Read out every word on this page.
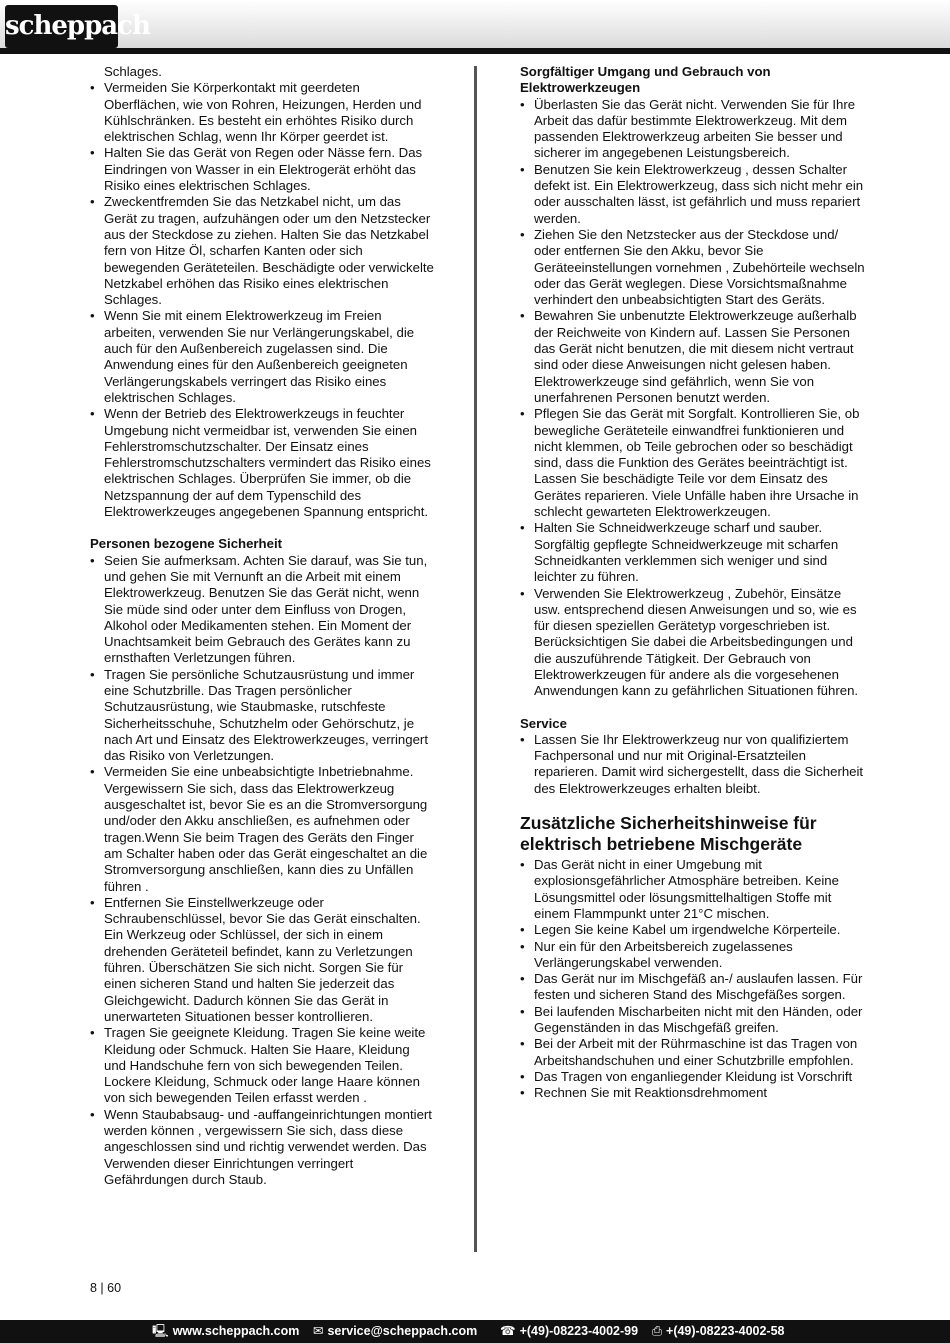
scheppach

Schlages.

• Vermeiden Sie Körperkontakt mit geerdeten Oberflächen, wie von Rohren, Heizungen, Herden und Kühlschränken. Es besteht ein erhöhtes Risiko durch elektrischen Schlag, wenn Ihr Körper geerdet ist.
• Halten Sie das Gerät von Regen oder Nässe fern. Das Eindringen von Wasser in ein Elektrogerät erhöht das Risiko eines elektrischen Schlages.
• Zweckentfremden Sie das Netzkabel nicht, um das Gerät zu tragen, aufzuhängen oder um den Netzstecker aus der Steckdose zu ziehen. Halten Sie das Netzkabel fern von Hitze Öl, scharfen Kanten oder sich bewegenden Geräteteilen. Beschädigte oder verwickelte Netzkabel erhöhen das Risiko eines elektrischen Schlages.
• Wenn Sie mit einem Elektrowerkzeug im Freien arbeiten, verwenden Sie nur Verlängerungskabel, die auch für den Außenbereich zugelassen sind. Die Anwendung eines für den Außenbereich geeigneten Verlängerungskabels verringert das Risiko eines elektrischen Schlages.
• Wenn der Betrieb des Elektrowerkzeugs in feuchter Umgebung nicht vermeidbar ist, verwenden Sie einen Fehlerstromschutzschalter. Der Einsatz eines Fehlerstromschutzschalters vermindert das Risiko eines elektrischen Schlages. Überprüfen Sie immer, ob die Netzspannung der auf dem Typenschild des Elektrowerkzeuges angegebenen Spannung entspricht.

Personen bezogene Sicherheit

• Seien Sie aufmerksam. Achten Sie darauf, was Sie tun, und gehen Sie mit Vernunft an die Arbeit mit einem Elektrowerkzeug. Benutzen Sie das Gerät nicht, wenn Sie müde sind oder unter dem Einfluss von Drogen, Alkohol oder Medikamenten stehen. Ein Moment der Unachtsamkeit beim Gebrauch des Gerätes kann zu ernsthaften Verletzungen führen.
• Tragen Sie persönliche Schutzausrüstung und immer eine Schutzbrille. Das Tragen persönlicher Schutzausrüstung, wie Staubmaske, rutschfeste Sicherheitsschuhe, Schutzhelm oder Gehörschutz, je nach Art und Einsatz des Elektrowerkzeuges, verringert das Risiko von Verletzungen.
• Vermeiden Sie eine unbeabsichtigte Inbetriebnahme. Vergewissern Sie sich, dass das Elektrowerkzeug ausgeschaltet ist, bevor Sie es an die Stromversorgung und/oder den Akku anschließen, es aufnehmen oder tragen.Wenn Sie beim Tragen des Geräts den Finger am Schalter haben oder das Gerät eingeschaltet an die Stromversorgung anschließen, kann dies zu Unfällen führen .
• Entfernen Sie Einstellwerkzeuge oder Schraubenschlüssel, bevor Sie das Gerät einschalten. Ein Werkzeug oder Schlüssel, der sich in einem drehenden Geräteteil befindet, kann zu Verletzungen führen. Überschätzen Sie sich nicht. Sorgen Sie für einen sicheren Stand und halten Sie jederzeit das Gleichgewicht. Dadurch können Sie das Gerät in unerwarteten Situationen besser kontrollieren.
• Tragen Sie geeignete Kleidung. Tragen Sie keine weite Kleidung oder Schmuck. Halten Sie Haare, Kleidung und Handschuhe fern von sich bewegenden Teilen. Lockere Kleidung, Schmuck oder lange Haare können von sich bewegenden Teilen erfasst werden .
• Wenn Staubabsaug- und -auffangeinrichtungen montiert werden können , vergewissern Sie sich, dass diese angeschlossen sind und richtig verwendet werden. Das Verwenden dieser Einrichtungen verringert Gefährdungen durch Staub.

Sorgfältiger Umgang und Gebrauch von Elektrowerkzeugen

• Überlasten Sie das Gerät nicht. Verwenden Sie für Ihre Arbeit das dafür bestimmte Elektrowerkzeug. Mit dem passenden Elektrowerkzeug arbeiten Sie besser und sicherer im angegebenen Leistungsbereich.
• Benutzen Sie kein Elektrowerkzeug , dessen Schalter defekt ist. Ein Elektrowerkzeug, dass sich nicht mehr ein oder ausschalten lässt, ist gefährlich und muss repariert werden.
• Ziehen Sie den Netzstecker aus der Steckdose und/ oder entfernen Sie den Akku, bevor Sie Geräteeinstellungen vornehmen , Zubehörteile wechseln oder das Gerät weglegen. Diese Vorsichtsmaßnahme verhindert den unbeabsichtigten Start des Geräts.
• Bewahren Sie unbenutzte Elektrowerkzeuge außerhalb der Reichweite von Kindern auf. Lassen Sie Personen das Gerät nicht benutzen, die mit diesem nicht vertraut sind oder diese Anweisungen nicht gelesen haben. Elektrowerkzeuge sind gefährlich, wenn Sie von unerfahrenen Personen benutzt werden.
• Pflegen Sie das Gerät mit Sorgfalt. Kontrollieren Sie, ob bewegliche Geräteteile einwandfrei funktionieren und nicht klemmen, ob Teile gebrochen oder so beschädigt sind, dass die Funktion des Gerätes beeinträchtigt ist. Lassen Sie beschädigte Teile vor dem Einsatz des Gerätes reparieren. Viele Unfälle haben ihre Ursache in schlecht gewarteten Elektrowerkzeugen.
• Halten Sie Schneidwerkzeuge scharf und sauber. Sorgfältig gepflegte Schneidwerkzeuge mit scharfen Schneidkanten verklemmen sich weniger und sind leichter zu führen.
• Verwenden Sie Elektrowerkzeug , Zubehör, Einsätze usw. entsprechend diesen Anweisungen und so, wie es für diesen speziellen Gerätetyp vorgeschrieben ist. Berücksichtigen Sie dabei die Arbeitsbedingungen und die auszuführende Tätigkeit. Der Gebrauch von Elektrowerkzeugen für andere als die vorgesehenen Anwendungen kann zu gefährlichen Situationen führen.

Service

• Lassen Sie Ihr Elektrowerkzeug nur von qualifiziertem Fachpersonal und nur mit Original-Ersatzteilen reparieren. Damit wird sichergestellt, dass die Sicherheit des Elektrowerkzeuges erhalten bleibt.

Zusätzliche Sicherheitshinweise für elektrisch betriebene Mischgeräte

• Das Gerät nicht in einer Umgebung mit explosionsgefährlicher Atmosphäre betreiben. Keine Lösungsmittel oder lösungsmittelhaltigen Stoffe mit einem Flammpunkt unter 21°C mischen.
• Legen Sie keine Kabel um irgendwelche Körperteile.
• Nur ein für den Arbeitsbereich zugelassenes Verlängerungskabel verwenden.
• Das Gerät nur im Mischgefäß an-/ auslaufen lassen. Für festen und sicheren Stand des Mischgefäßes sorgen.
• Bei laufenden Mischarbeiten nicht mit den Händen, oder Gegenständen in das Mischgefäß greifen.
• Bei der Arbeit mit der Rührmaschine ist das Tragen von Arbeitshandschuhen und einer Schutzbrille empfohlen.
• Das Tragen von enganliegender Kleidung ist Vorschrift
• Rechnen Sie mit Reaktionsdrehmoment
8 | 60
🖳 www.scheppach.com ✉ service@scheppach.com ☎ +(49)-08223-4002-99 ⎙ +(49)-08223-4002-58
